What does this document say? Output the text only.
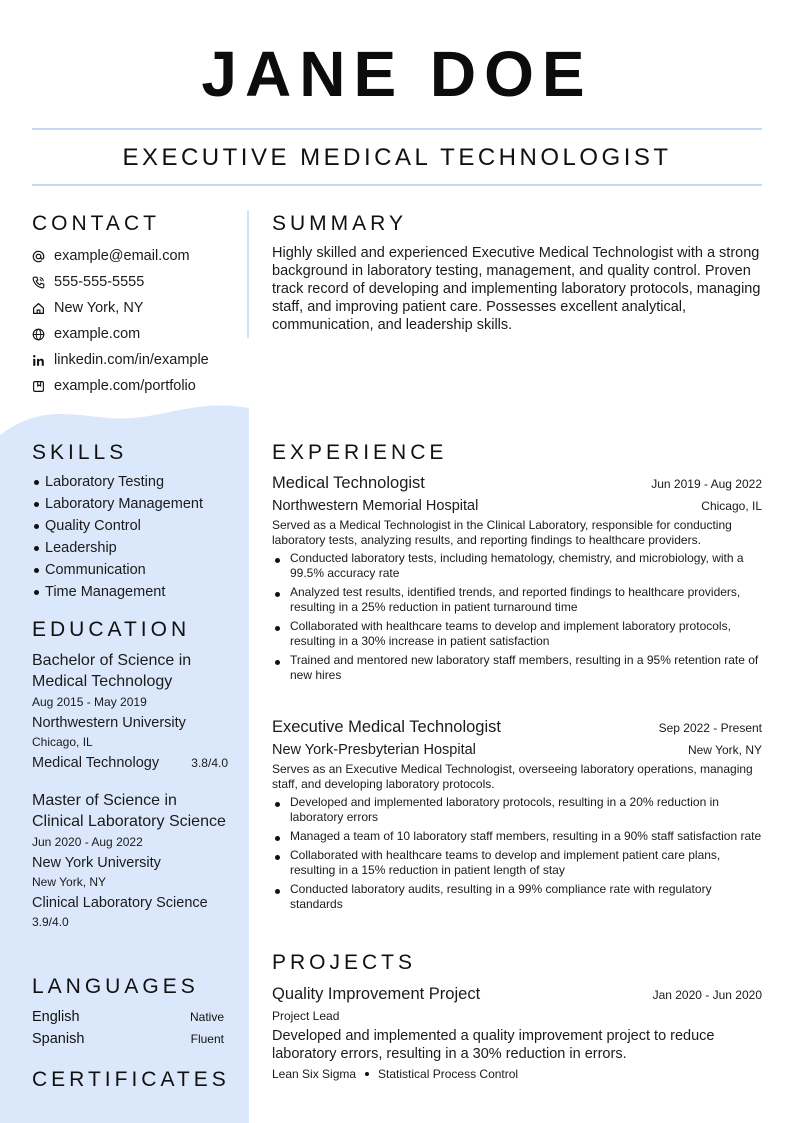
JANE DOE
EXECUTIVE MEDICAL TECHNOLOGIST
CONTACT
example@email.com
555-555-5555
New York, NY
example.com
linkedin.com/in/example
example.com/portfolio
SKILLS
Laboratory Testing
Laboratory Management
Quality Control
Leadership
Communication
Time Management
EDUCATION
Bachelor of Science in Medical Technology
Aug 2015 - May 2019
Northwestern University
Chicago, IL
Medical Technology	3.8/4.0
Master of Science in Clinical Laboratory Science
Jun 2020 - Aug 2022
New York University
New York, NY
Clinical Laboratory Science
3.9/4.0
LANGUAGES
English	Native
Spanish	Fluent
CERTIFICATES
SUMMARY
Highly skilled and experienced Executive Medical Technologist with a strong background in laboratory testing, management, and quality control. Proven track record of developing and implementing laboratory protocols, managing staff, and improving patient care. Possesses excellent analytical, communication, and leadership skills.
EXPERIENCE
Medical Technologist	Jun 2019 - Aug 2022
Northwestern Memorial Hospital	Chicago, IL
Served as a Medical Technologist in the Clinical Laboratory, responsible for conducting laboratory tests, analyzing results, and reporting findings to healthcare providers.
Conducted laboratory tests, including hematology, chemistry, and microbiology, with a 99.5% accuracy rate
Analyzed test results, identified trends, and reported findings to healthcare providers, resulting in a 25% reduction in patient turnaround time
Collaborated with healthcare teams to develop and implement laboratory protocols, resulting in a 30% increase in patient satisfaction
Trained and mentored new laboratory staff members, resulting in a 95% retention rate of new hires
Executive Medical Technologist	Sep 2022 - Present
New York-Presbyterian Hospital	New York, NY
Serves as an Executive Medical Technologist, overseeing laboratory operations, managing staff, and developing laboratory protocols.
Developed and implemented laboratory protocols, resulting in a 20% reduction in laboratory errors
Managed a team of 10 laboratory staff members, resulting in a 90% staff satisfaction rate
Collaborated with healthcare teams to develop and implement patient care plans, resulting in a 15% reduction in patient length of stay
Conducted laboratory audits, resulting in a 99% compliance rate with regulatory standards
PROJECTS
Quality Improvement Project	Jan 2020 - Jun 2020
Project Lead
Developed and implemented a quality improvement project to reduce laboratory errors, resulting in a 30% reduction in errors.
Lean Six Sigma Statistical Process Control
